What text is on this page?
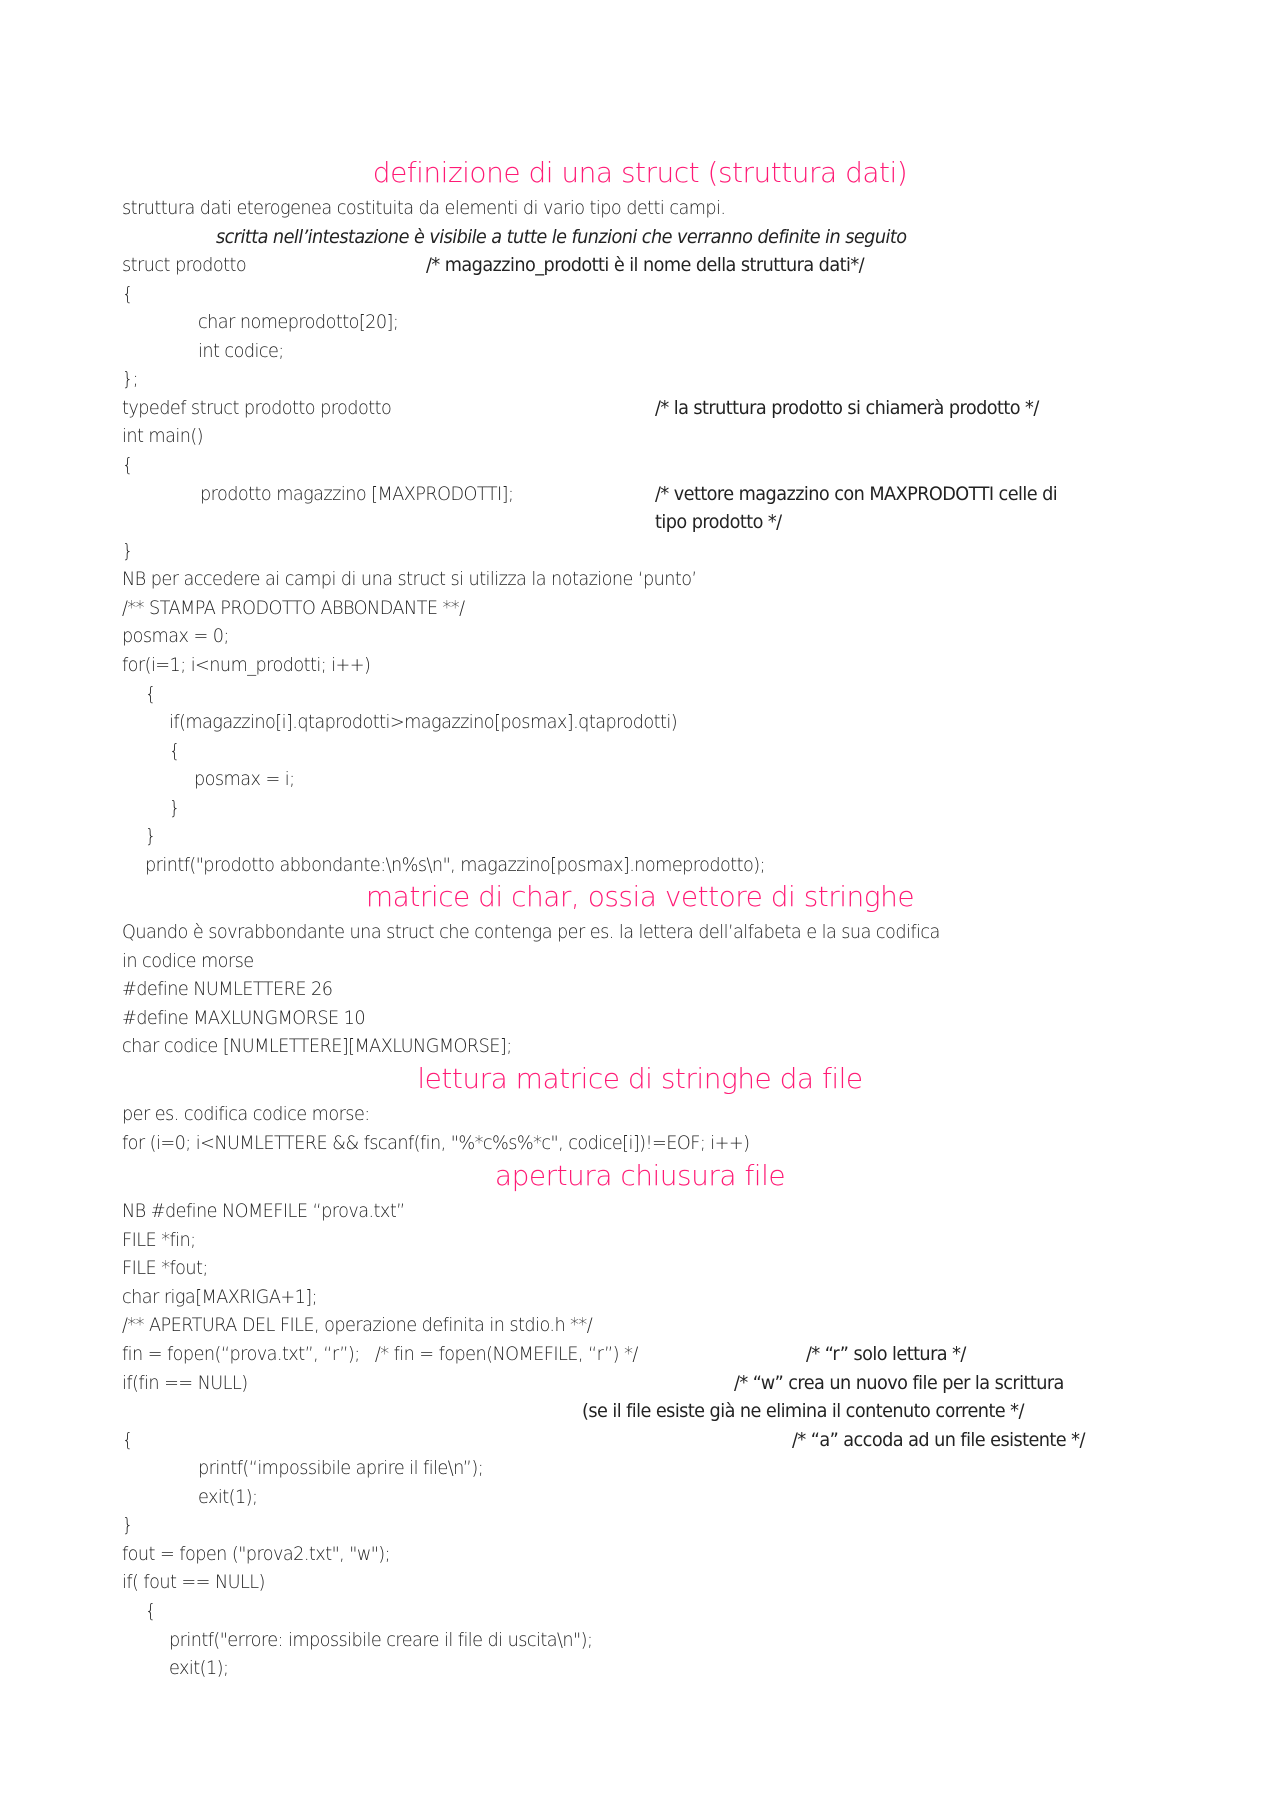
definizione di una struct (struttura dati)
struttura dati eterogenea costituita da elementi di vario tipo detti campi.
scritta nell’intestazione è visibile a tutte le funzioni che verranno definite in seguito
struct prodotto	/* magazzino_prodotti è il nome della struttura dati*/
{
char nomeprodotto[20];
int codice;
};
typedef struct prodotto prodotto	/* la struttura prodotto si chiamerà prodotto */
int main()
{
prodotto magazzino [MAXPRODOTTI];	/* vettore magazzino con MAXPRODOTTI celle di
tipo prodotto */
}
NB per accedere ai campi di una struct si utilizza la notazione ‘punto’
/** STAMPA PRODOTTO ABBONDANTE **/
posmax = 0;
for(i=1; i<num_prodotti; i++)
{
if(magazzino[i].qtaprodotti>magazzino[posmax].qtaprodotti)
{
posmax = i;
}
}
printf("prodotto abbondante:\n%s\n", magazzino[posmax].nomeprodotto);
matrice di char, ossia vettore di stringhe
Quando è sovrabbondante una struct che contenga per es. la lettera dell’alfabeta e la sua codifica
in codice morse
#define NUMLETTERE 26
#define MAXLUNGMORSE 10
char codice [NUMLETTERE][MAXLUNGMORSE];
lettura matrice di stringhe da file
per es. codifica codice morse:
for (i=0; i<NUMLETTERE && fscanf(fin, "%*c%s%*c", codice[i])!=EOF; i++)
apertura chiusura file
NB #define NOMEFILE “prova.txt”
FILE *fin;
FILE *fout;
char riga[MAXRIGA+1];
/** APERTURA DEL FILE, operazione definita in stdio.h **/
fin = fopen(“prova.txt”, “r”);   /* fin = fopen(NOMEFILE, “r”) */	/* “r” solo lettura */
if(fin == NULL)	/* “w” crea un nuovo file per la scrittura
(se il file esiste già ne elimina il contenuto corrente */
{	/* “a” accoda ad un file esistente */
printf(“impossibile aprire il file\n”);
exit(1);
}
fout = fopen ("prova2.txt", "w");
if( fout == NULL)
{
printf("errore: impossibile creare il file di uscita\n");
exit(1);
